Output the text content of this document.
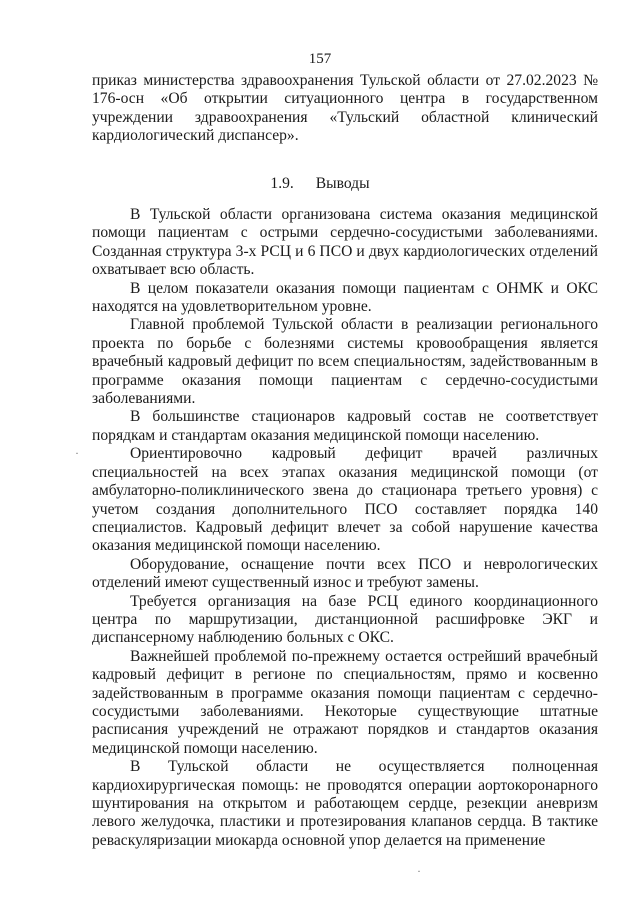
157
приказ министерства здравоохранения Тульской области от 27.02.2023 № 176-осн «Об открытии ситуационного центра в государственном учреждении здравоохранения «Тульский областной клинический кардиологический диспансер».
1.9. Выводы

В Тульской области организована система оказания медицинской помощи пациентам с острыми сердечно-сосудистыми заболеваниями. Созданная структура 3-х РСЦ и 6 ПСО и двух кардиологических отделений охватывает всю область.

В целом показатели оказания помощи пациентам с ОНМК и ОКС находятся на удовлетворительном уровне.

Главной проблемой Тульской области в реализации регионального проекта по борьбе с болезнями системы кровообращения является врачебный кадровый дефицит по всем специальностям, задействованным в программе оказания помощи пациентам с сердечно-сосудистыми заболеваниями.

В большинстве стационаров кадровый состав не соответствует порядкам и стандартам оказания медицинской помощи населению.

Ориентировочно кадровый дефицит врачей различных специальностей на всех этапах оказания медицинской помощи (от амбулаторно-поликлинического звена до стационара третьего уровня) с учетом создания дополнительного ПСО составляет порядка 140 специалистов. Кадровый дефицит влечет за собой нарушение качества оказания медицинской помощи населению.

Оборудование, оснащение почти всех ПСО и неврологических отделений имеют существенный износ и требуют замены.

Требуется организация на базе РСЦ единого координационного центра по маршрутизации, дистанционной расшифровке ЭКГ и диспансерному наблюдению больных с ОКС.

Важнейшей проблемой по-прежнему остается острейший врачебный кадровый дефицит в регионе по специальностям, прямо и косвенно задействованным в программе оказания помощи пациентам с сердечно-сосудистыми заболеваниями. Некоторые существующие штатные расписания учреждений не отражают порядков и стандартов оказания медицинской помощи населению.

В Тульской области не осуществляется полноценная кардиохирургическая помощь: не проводятся операции аортокоронарного шунтирования на открытом и работающем сердце, резекции аневризм левого желудочка, пластики и протезирования клапанов сердца. В тактике реваскуляризации миокарда основной упор делается на применение

·
·
